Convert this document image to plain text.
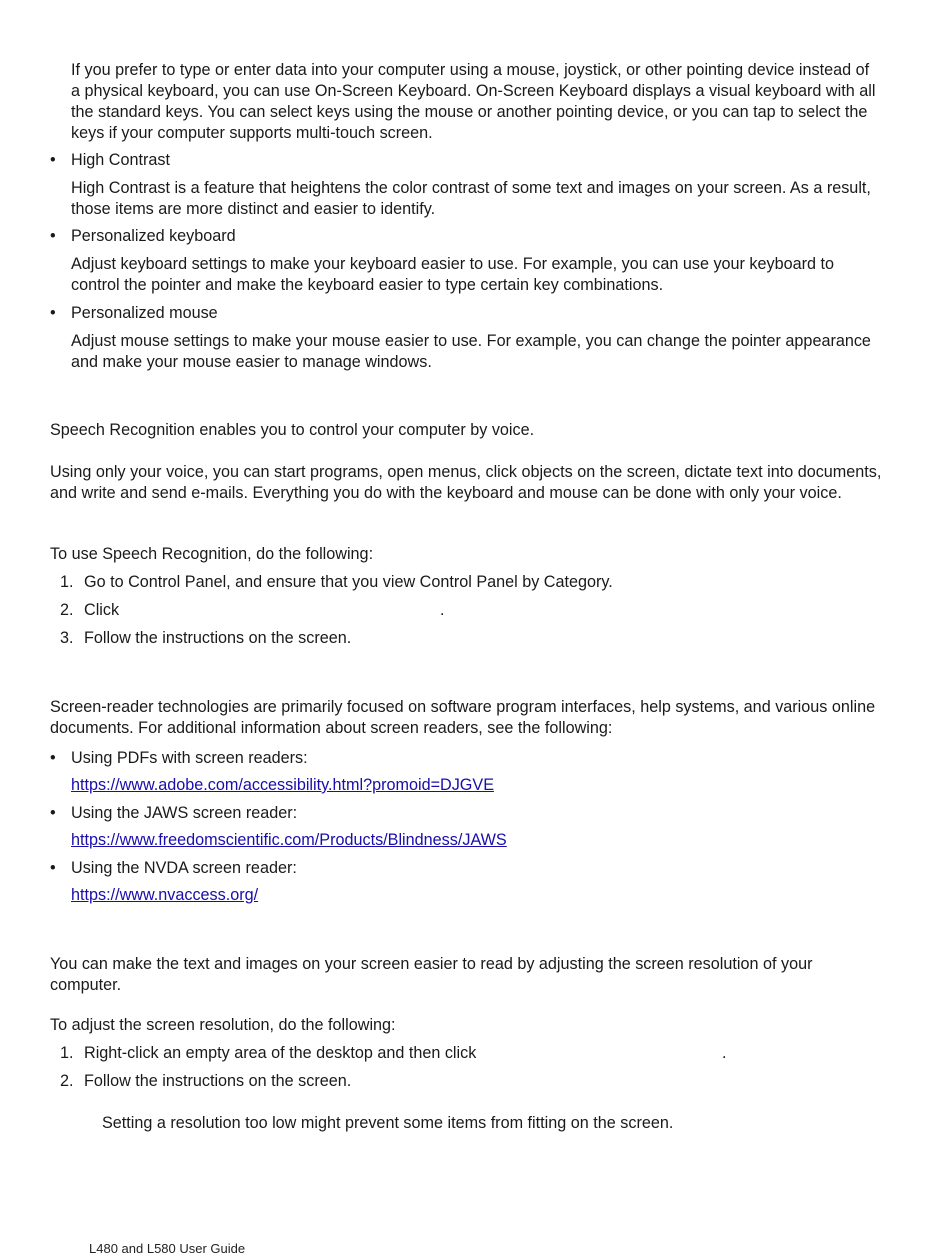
If you prefer to type or enter data into your computer using a mouse, joystick, or other pointing device instead of a physical keyboard, you can use On-Screen Keyboard. On-Screen Keyboard displays a visual keyboard with all the standard keys. You can select keys using the mouse or another pointing device, or you can tap to select the keys if your computer supports multi-touch screen.

• High Contrast

High Contrast is a feature that heightens the color contrast of some text and images on your screen. As a result, those items are more distinct and easier to identify.

• Personalized keyboard

Adjust keyboard settings to make your keyboard easier to use. For example, you can use your keyboard to control the pointer and make the keyboard easier to type certain key combinations.

• Personalized mouse

Adjust mouse settings to make your mouse easier to use. For example, you can change the pointer appearance and make your mouse easier to manage windows.

Speech Recognition enables you to control your computer by voice.

Using only your voice, you can start programs, open menus, click objects on the screen, dictate text into documents, and write and send e-mails. Everything you do with the keyboard and mouse can be done with only your voice.

To use Speech Recognition, do the following:

1. Go to Control Panel, and ensure that you view Control Panel by Category.
2. Click	.
3. Follow the instructions on the screen.

Screen-reader technologies are primarily focused on software program interfaces, help systems, and various online documents. For additional information about screen readers, see the following:

• Using PDFs with screen readers:
https://www.adobe.com/accessibility.html?promoid=DJGVE
• Using the JAWS screen reader:
https://www.freedomscientific.com/Products/Blindness/JAWS
• Using the NVDA screen reader:
https://www.nvaccess.org/

You can make the text and images on your screen easier to read by adjusting the screen resolution of your computer.

To adjust the screen resolution, do the following:

1. Right-click an empty area of the desktop and then click	.
2. Follow the instructions on the screen.
Setting a resolution too low might prevent some items from fitting on the screen.
L480 and L580 User Guide
